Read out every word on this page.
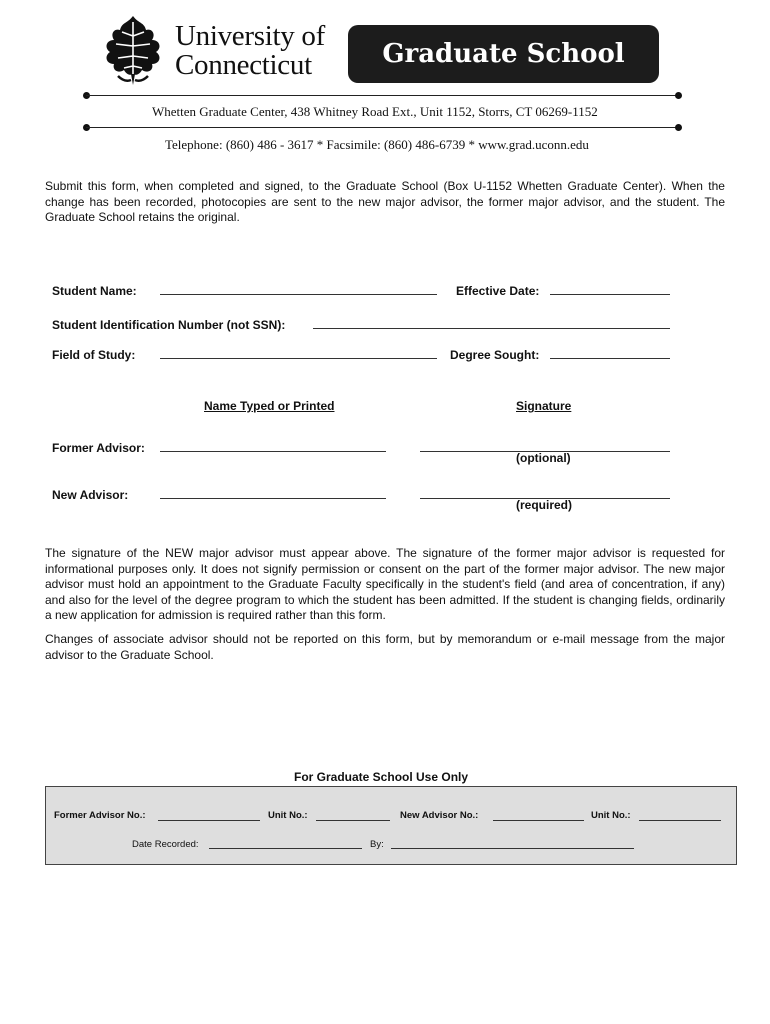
University of
Connecticut	Graduate School
Whetten Graduate Center, 438 Whitney Road Ext., Unit 1152, Storrs, CT 06269-1152
Telephone: (860) 486 - 3617 * Facsimile: (860) 486-6739 * www.grad.uconn.edu
Submit this form, when completed and signed, to the Graduate School (Box U-1152 Whetten Graduate Center). When the change has been recorded, photocopies are sent to the new major advisor, the former major advisor, and the student. The Graduate School retains the original.
Student Name:	Effective Date:
Student Identification Number (not SSN):
Field of Study:	Degree Sought:
Name Typed or Printed	Signature
Former Advisor:
(optional)
New Advisor:
(required)
The signature of the NEW major advisor must appear above. The signature of the former major advisor is requested for informational purposes only. It does not signify permission or consent on the part of the former major advisor. The new major advisor must hold an appointment to the Graduate Faculty specifically in the student's field (and area of concentration, if any) and also for the level of the degree program to which the student has been admitted. If the student is changing fields, ordinarily a new application for admission is required rather than this form.
Changes of associate advisor should not be reported on this form, but by memorandum or e-mail message from the major advisor to the Graduate School.
For Graduate School Use Only
Former Advisor No.:	Unit No.:	New Advisor No.:	Unit No.:
Date Recorded:	By:
